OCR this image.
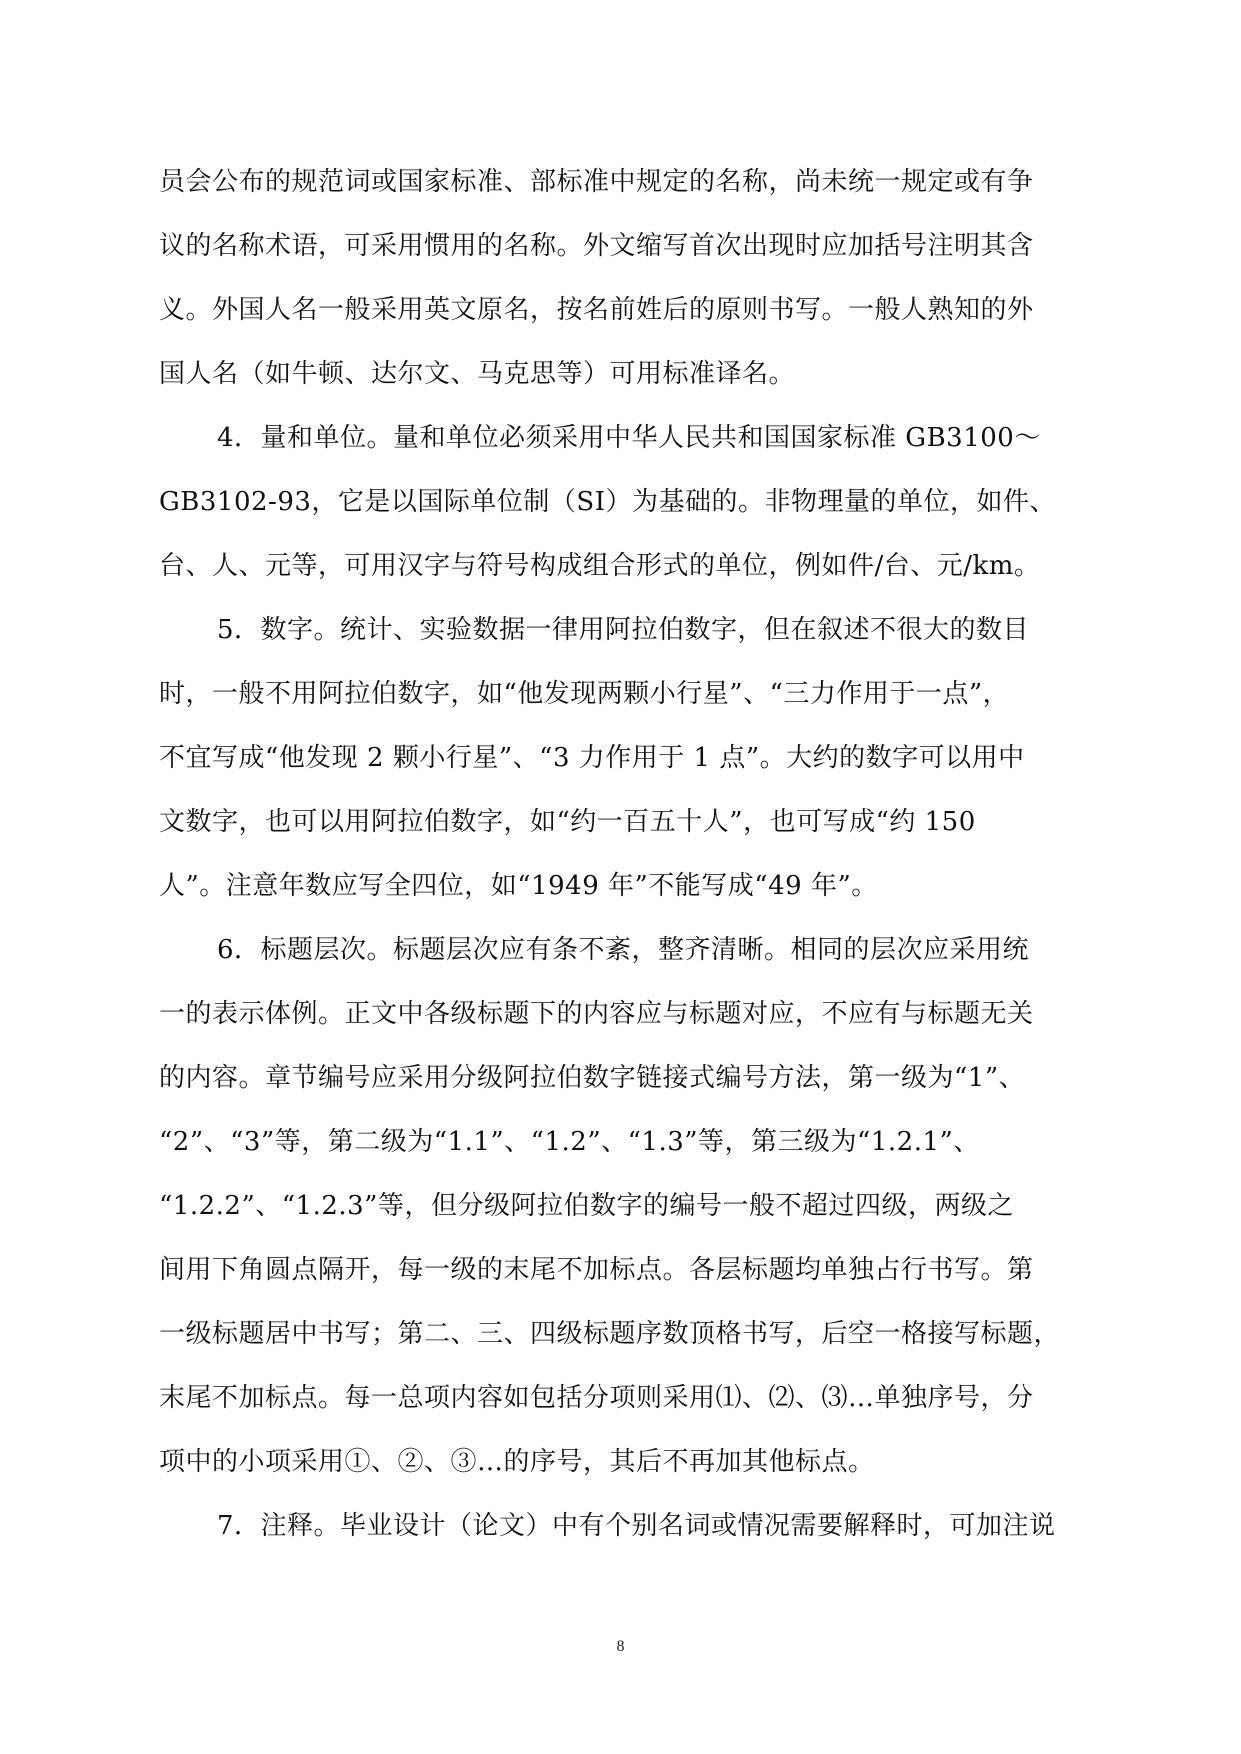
员会公布的规范词或国家标准、部标准中规定的名称，尚未统一规定或有争
议的名称术语，可采用惯用的名称。外文缩写首次出现时应加括号注明其含
义。外国人名一般采用英文原名，按名前姓后的原则书写。一般人熟知的外
国人名（如牛顿、达尔文、马克思等）可用标准译名。
4．量和单位。量和单位必须采用中华人民共和国国家标准 GB3100～
GB3102-93，它是以国际单位制（SI）为基础的。非物理量的单位，如件、
台、人、元等，可用汉字与符号构成组合形式的单位，例如件/台、元/km。
5．数字。统计、实验数据一律用阿拉伯数字，但在叙述不很大的数目
时，一般不用阿拉伯数字，如“他发现两颗小行星”、“三力作用于一点”，
不宜写成“他发现 2 颗小行星”、“3 力作用于 1 点”。大约的数字可以用中
文数字，也可以用阿拉伯数字，如“约一百五十人”，也可写成“约 150
人”。注意年数应写全四位，如“1949 年”不能写成“49 年”。
6．标题层次。标题层次应有条不紊，整齐清晰。相同的层次应采用统
一的表示体例。正文中各级标题下的内容应与标题对应，不应有与标题无关
的内容。章节编号应采用分级阿拉伯数字链接式编号方法，第一级为“1”、
“2”、“3”等，第二级为“1.1”、“1.2”、“1.3”等，第三级为“1.2.1”、
“1.2.2”、“1.2.3”等，但分级阿拉伯数字的编号一般不超过四级，两级之
间用下角圆点隔开，每一级的末尾不加标点。各层标题均单独占行书写。第
一级标题居中书写；第二、三、四级标题序数顶格书写，后空一格接写标题，
末尾不加标点。每一总项内容如包括分项则采用⑴、⑵、⑶…单独序号，分
项中的小项采用①、②、③…的序号，其后不再加其他标点。
7．注释。毕业设计（论文）中有个别名词或情况需要解释时，可加注说
8
